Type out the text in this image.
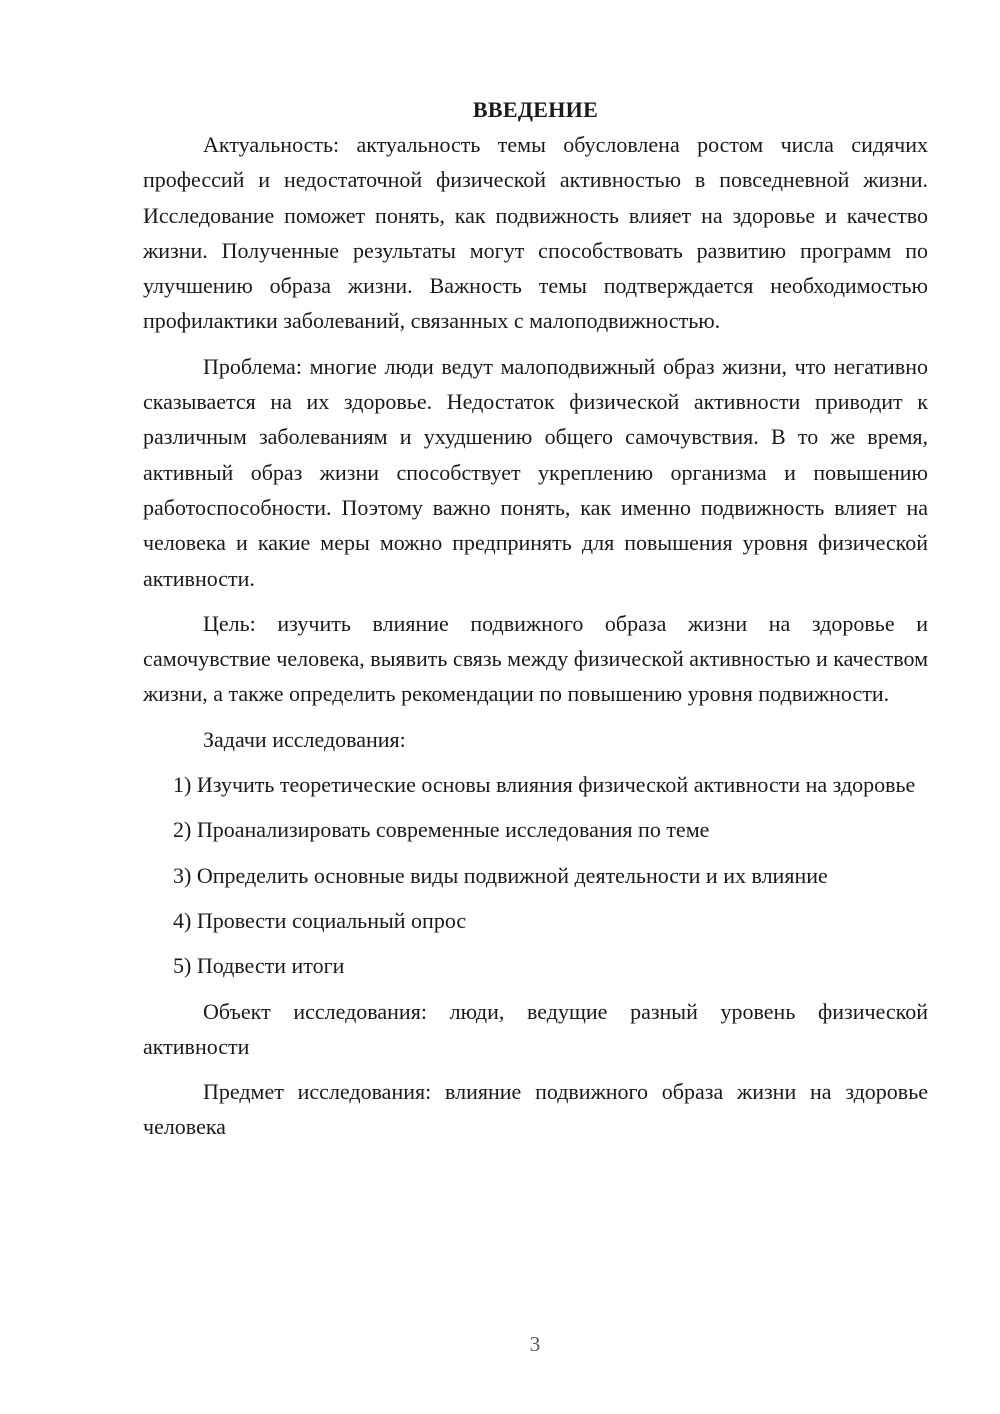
ВВЕДЕНИЕ

Актуальность: актуальность темы обусловлена ростом числа сидячих профессий и недостаточной физической активностью в повседневной жизни. Исследование поможет понять, как подвижность влияет на здоровье и качество жизни. Полученные результаты могут способствовать развитию программ по улучшению образа жизни. Важность темы подтверждается необходимостью профилактики заболеваний, связанных с малоподвижностью.

Проблема: многие люди ведут малоподвижный образ жизни, что негативно сказывается на их здоровье. Недостаток физической активности приводит к различным заболеваниям и ухудшению общего самочувствия. В то же время, активный образ жизни способствует укреплению организма и повышению работоспособности. Поэтому важно понять, как именно подвижность влияет на человека и какие меры можно предпринять для повышения уровня физической активности.

Цель: изучить влияние подвижного образа жизни на здоровье и самочувствие человека, выявить связь между физической активностью и качеством жизни, а также определить рекомендации по повышению уровня подвижности.

Задачи исследования:

1) Изучить теоретические основы влияния физической активности на здоровье

2) Проанализировать современные исследования по теме

3) Определить основные виды подвижной деятельности и их влияние

4) Провести социальный опрос

5) Подвести итоги

Объект исследования: люди, ведущие разный уровень физической активности

Предмет исследования: влияние подвижного образа жизни на здоровье человека

3
